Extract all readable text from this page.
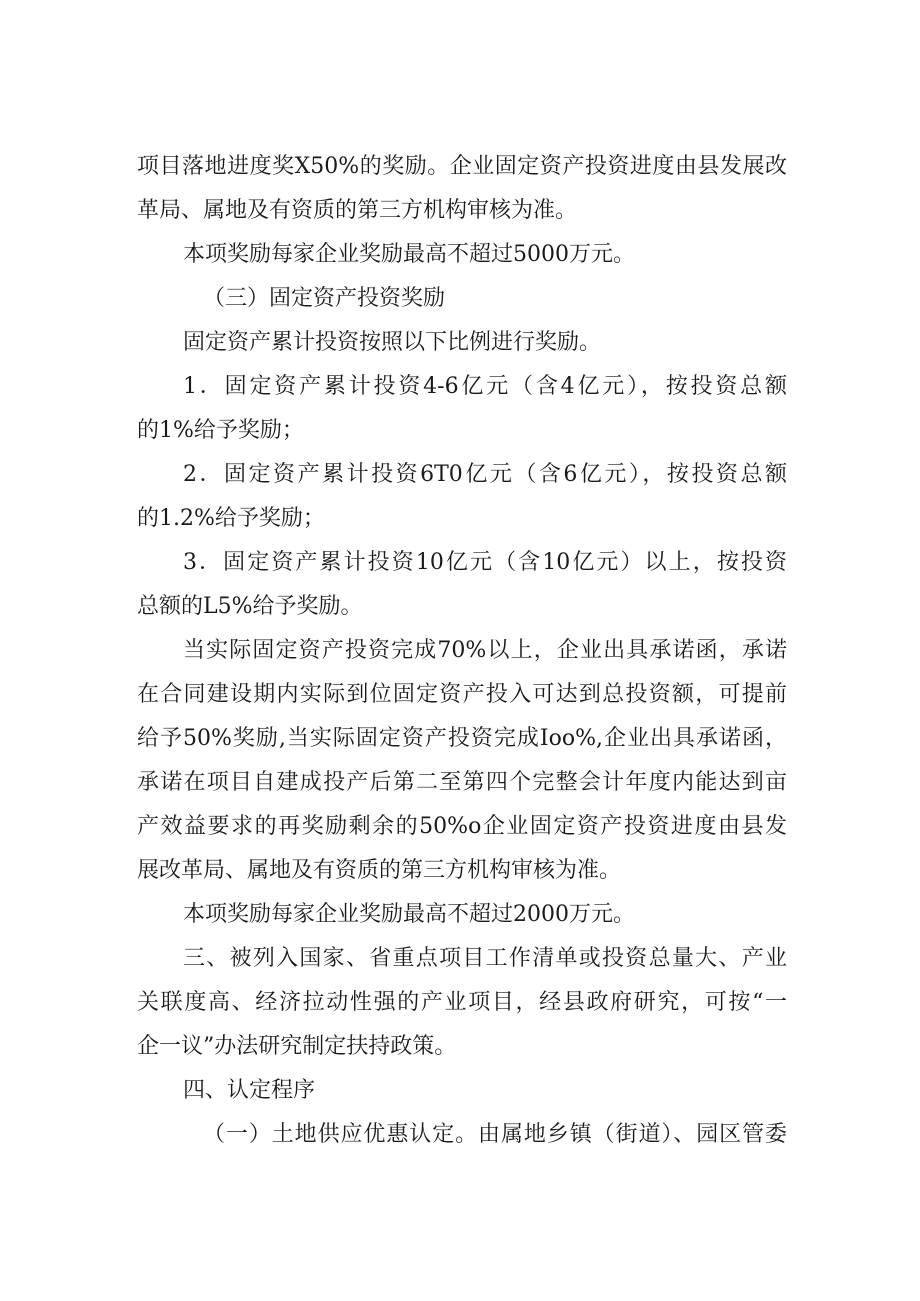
项目落地进度奖X50%的奖励。企业固定资产投资进度由县发展改
革局、属地及有资质的第三方机构审核为准。
本项奖励每家企业奖励最高不超过5000万元。
（三）固定资产投资奖励
固定资产累计投资按照以下比例进行奖励。
1．固定资产累计投资4-6亿元（含4亿元），按投资总额
的1%给予奖励；
2．固定资产累计投资6T0亿元（含6亿元），按投资总额
的1.2%给予奖励；
3．固定资产累计投资10亿元（含10亿元）以上，按投资
总额的L5%给予奖励。
当实际固定资产投资完成70%以上，企业出具承诺函，承诺
在合同建设期内实际到位固定资产投入可达到总投资额，可提前
给予50%奖励,当实际固定资产投资完成Ioo%,企业出具承诺函，
承诺在项目自建成投产后第二至第四个完整会计年度内能达到亩
产效益要求的再奖励剩余的50%o企业固定资产投资进度由县发
展改革局、属地及有资质的第三方机构审核为准。
本项奖励每家企业奖励最高不超过2000万元。
三、被列入国家、省重点项目工作清单或投资总量大、产业
关联度高、经济拉动性强的产业项目，经县政府研究，可按“一
企一议”办法研究制定扶持政策。
四、认定程序
（一）土地供应优惠认定。由属地乡镇（街道）、园区管委
